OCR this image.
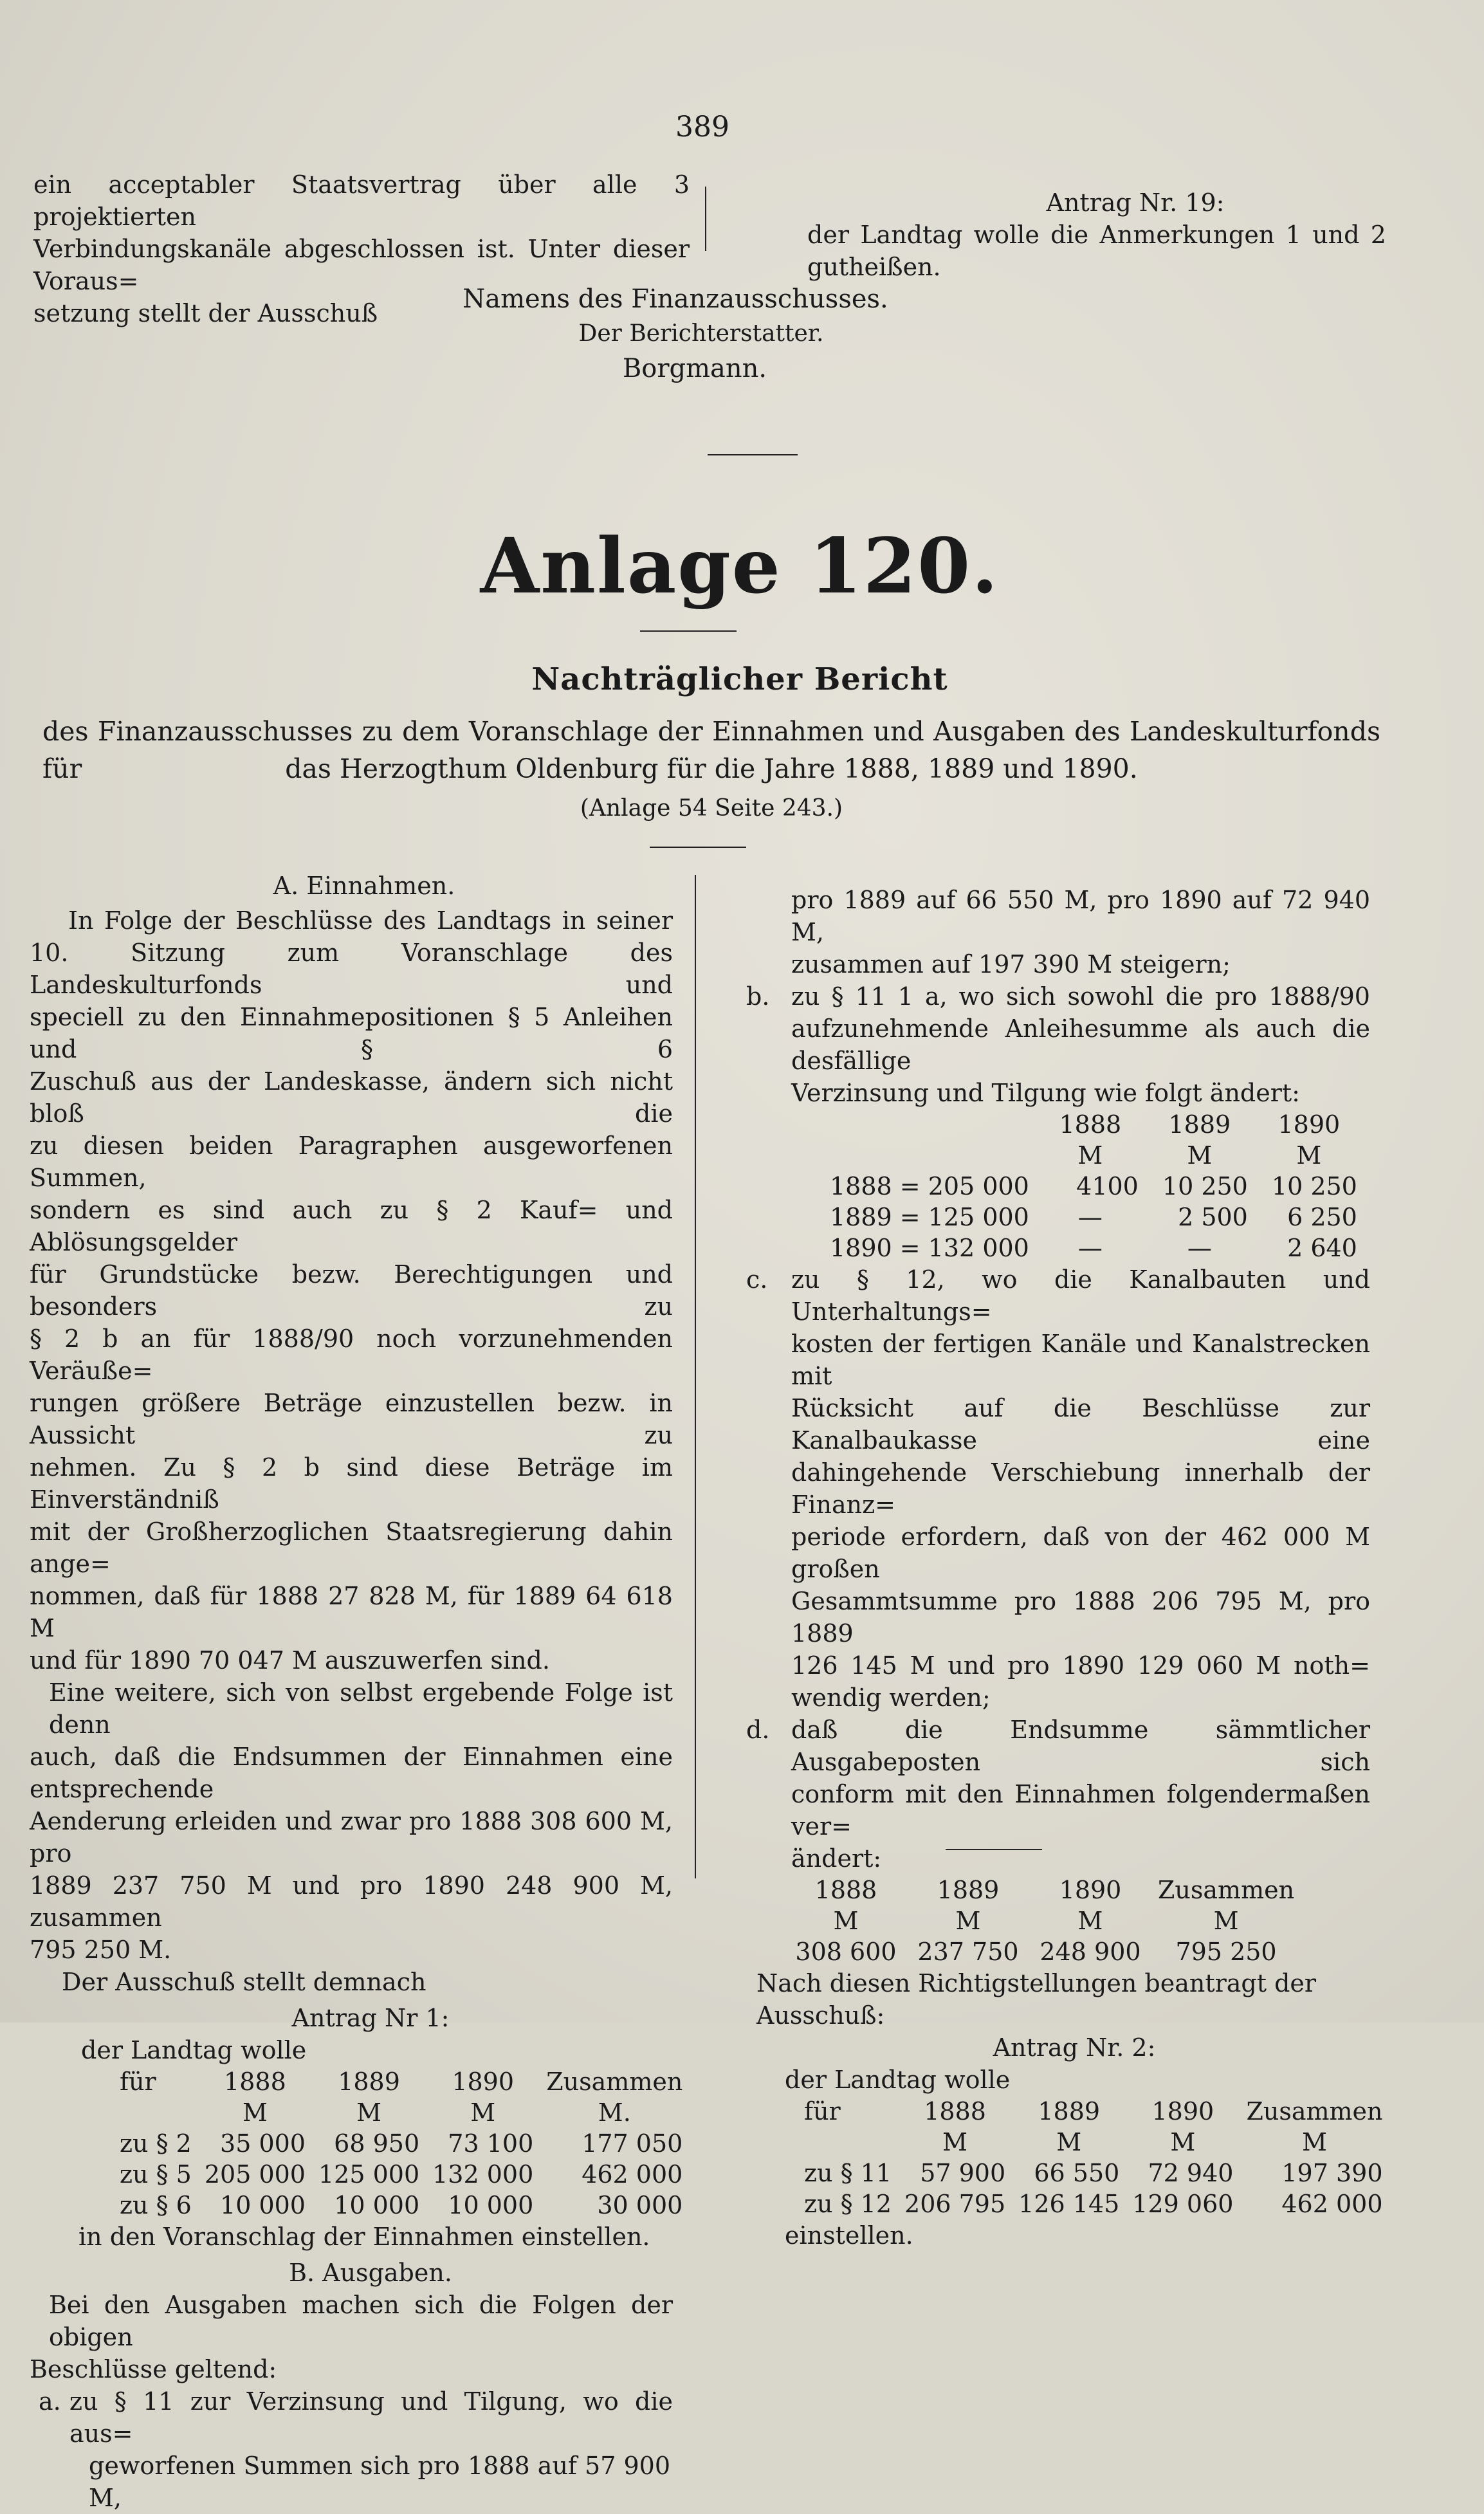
389
ein acceptabler Staatsvertrag über alle 3 projektierten
Verbindungskanäle abgeschlossen ist. Unter dieser Voraus=
setzung stellt der Ausschuß
Antrag Nr. 19:
der Landtag wolle die Anmerkungen 1 und 2
gutheißen.
Namens des Finanzausschusses.
Der Berichterstatter.
Borgmann.
Anlage 120.
Nachträglicher Bericht
des Finanzausschusses zu dem Voranschlage der Einnahmen und Ausgaben des Landeskulturfonds für	das Herzogthum Oldenburg für die Jahre 1888, 1889 und 1890.
(Anlage 54 Seite 243.)
A. Einnahmen.
In Folge der Beschlüsse des Landtags in seiner
10. Sitzung zum Voranschlage des Landeskulturfonds und
speciell zu den Einnahmepositionen § 5 Anleihen und § 6
Zuschuß aus der Landeskasse, ändern sich nicht bloß die
zu diesen beiden Paragraphen ausgeworfenen Summen,
sondern es sind auch zu § 2 Kauf= und Ablösungsgelder
für Grundstücke bezw. Berechtigungen und besonders zu
§ 2 b an für 1888/90 noch vorzunehmenden Veräuße=
rungen größere Beträge einzustellen bezw. in Aussicht zu
nehmen. Zu § 2 b sind diese Beträge im Einverständniß
mit der Großherzoglichen Staatsregierung dahin ange=
nommen, daß für 1888 27 828 M, für 1889 64 618 M
und für 1890 70 047 M auszuwerfen sind.
Eine weitere, sich von selbst ergebende Folge ist denn
auch, daß die Endsummen der Einnahmen eine entsprechende
Aenderung erleiden und zwar pro 1888 308 600 M, pro
1889 237 750 M und pro 1890 248 900 M, zusammen
795 250 M.
Der Ausschuß stellt demnach
Antrag Nr 1:
der Landtag wolle
für	1888	1889	1890	Zusammen
	M	M	M	M.
zu § 2	35 000	68 950	73 100	177 050
zu § 5	205 000	125 000	132 000	462 000
zu § 6	10 000	10 000	10 000	30 000
in den Voranschlag der Einnahmen einstellen.
B. Ausgaben.
Bei den Ausgaben machen sich die Folgen der obigen
Beschlüsse geltend:
a. zu § 11 zur Verzinsung und Tilgung, wo die aus=
geworfenen Summen sich pro 1888 auf 57 900 M,
pro 1889 auf 66 550 M, pro 1890 auf 72 940 M,
zusammen auf 197 390 M steigern;
b. zu § 11 1 a, wo sich sowohl die pro 1888/90
aufzunehmende Anleihesumme als auch die desfällige
Verzinsung und Tilgung wie folgt ändert:
	1888	1889	1890
	M	M	M
1888 = 205 000	4100	10 250	10 250
1889 = 125 000	—	2 500	6 250
1890 = 132 000	—	—	2 640
c. zu § 12, wo die Kanalbauten und Unterhaltungs=
kosten der fertigen Kanäle und Kanalstrecken mit
Rücksicht auf die Beschlüsse zur Kanalbaukasse eine
dahingehende Verschiebung innerhalb der Finanz=
periode erfordern, daß von der 462 000 M großen
Gesammtsumme pro 1888 206 795 M, pro 1889
126 145 M und pro 1890 129 060 M noth=
wendig werden;
d. daß die Endsumme sämmtlicher Ausgabeposten sich
conform mit den Einnahmen folgendermaßen ver=
ändert:
1888	1889	1890	Zusammen
M	M	M	M
308 600	237 750	248 900	795 250
Nach diesen Richtigstellungen beantragt der Ausschuß:
Antrag Nr. 2:
der Landtag wolle
für	1888	1889	1890	Zusammen
	M	M	M	M
zu § 11	57 900	66 550	72 940	197 390
zu § 12	206 795	126 145	129 060	462 000
einstellen.
